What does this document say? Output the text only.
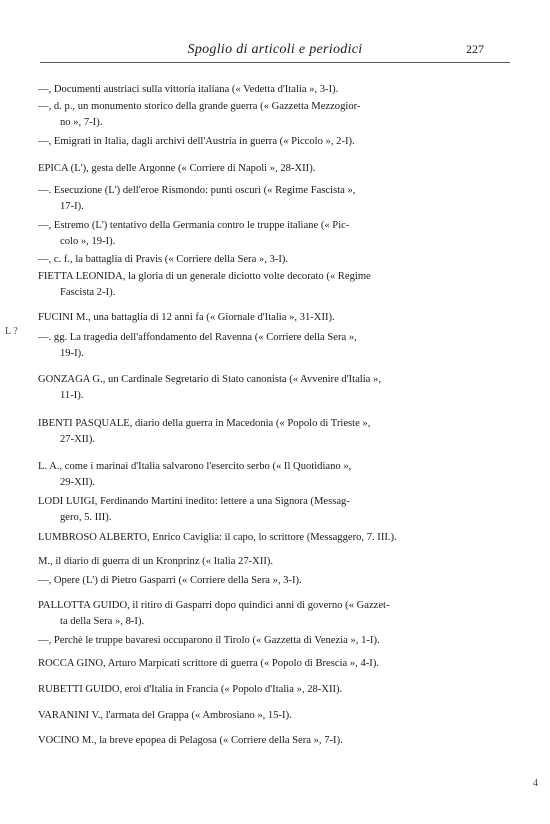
Spoglio di articoli e periodici	227
L ?
4

—, Documenti austriaci sulla vittoria italiana (« Vedetta d'Italia », 3-I).

—, d. p., un monumento storico della grande guerra (« Gazzetta Mezzogior-
no », 7-I).

—, Emigrati in Italia, dagli archivi dell'Austria in guerra (« Piccolo », 2-I).

EPICA (L'), gesta delle Argonne (« Corriere di Napoli », 28-XII).

—. Esecuzione (L') dell'eroe Rismondo: punti oscuri (« Regime Fascista »,
17-I).

—, Estremo (L') tentativo della Germania contro le truppe italiane (« Pic-
colo », 19-I).

—, c. f., la battaglia di Pravis (« Corriere della Sera », 3-I).

FIETTA LEONIDA, la gloria di un generale diciotto volte decorato (« Regime
Fascista 2-I).

FUCINI M., una battaglia di 12 anni fa (« Giornale d'Italia », 31-XII).

—. gg. La tragedia dell'affondamento del Ravenna (« Corriere della Sera »,
19-I).

GONZAGA G., un Cardinale Segretario di Stato canonista (« Avvenire d'Italia »,
11-I).

IBENTI PASQUALE, diario della guerra in Macedonia (« Popolo di Trieste »,
27-XII).

L. A., come i marinai d'Italia salvarono l'esercito serbo (« Il Quotidiano »,
29-XII).

LODI LUIGI, Ferdinando Martini inedito: lettere a una Signora (Messag-
gero, 5. III).

LUMBROSO ALBERTO, Enrico Caviglia: il capo, lo scrittore (Messaggero, 7. III.).

M., il diario di guerra di un Kronprinz (« Italia 27-XII).

—, Opere (L') di Pietro Gasparri (« Corriere della Sera », 3-I).

PALLOTTA GUIDO, il ritiro di Gasparri dopo quindici anni di governo (« Gazzet-
ta della Sera », 8-I).

—, Perchè le truppe bavaresi occuparono il Tirolo (« Gazzetta di Venezia », 1-I).

ROCCA GINO, Arturo Marpicati scrittore di guerra (« Popolo di Brescia », 4-I).

RUBETTI GUIDO, eroi d'Italia in Francia (« Popolo d'Italia », 28-XII).

VARANINI V., l'armata del Grappa (« Ambrosiano », 15-I).

VOCINO M., la breve epopea di Pelagosa (« Corriere della Sera », 7-I).
